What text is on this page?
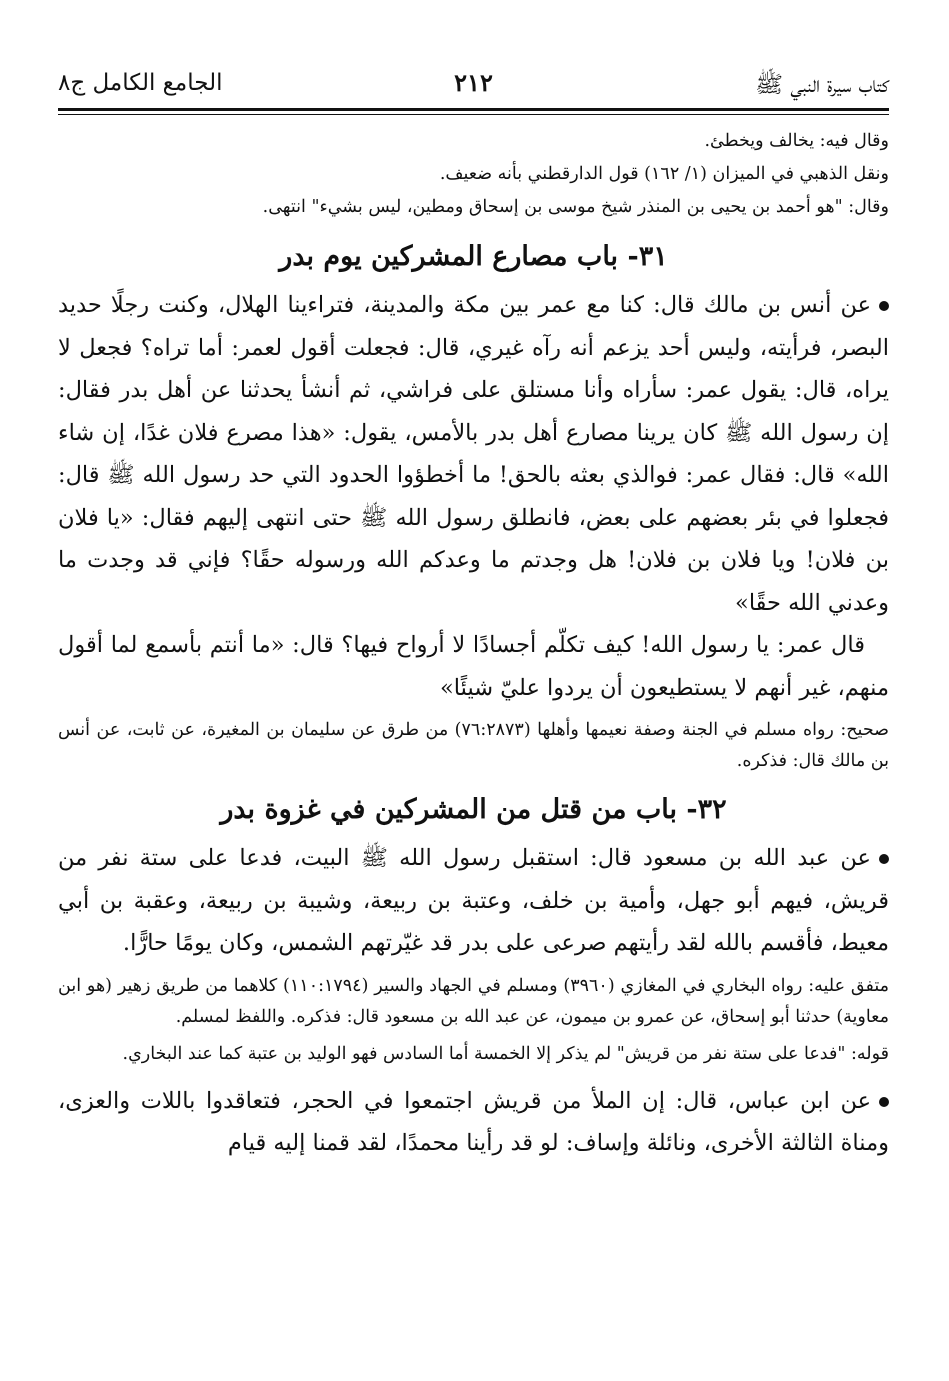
كتاب سيرة النبي ﷺ
٢١٢
الجامع الكامل ج٨

وقال فيه: يخالف ويخطئ.

ونقل الذهبي في الميزان (١/ ١٦٢) قول الدارقطني بأنه ضعيف.

وقال: "هو أحمد بن يحيى بن المنذر شيخ موسى بن إسحاق ومطين، ليس بشيء" انتهى.

٣١- باب مصارع المشركين يوم بدر

عن أنس بن مالك قال: كنا مع عمر بين مكة والمدينة، فتراءينا الهلال، وكنت رجلًا حديد البصر، فرأيته، وليس أحد يزعم أنه رآه غيري، قال: فجعلت أقول لعمر: أما تراه؟ فجعل لا يراه، قال: يقول عمر: سأراه وأنا مستلق على فراشي، ثم أنشأ يحدثنا عن أهل بدر فقال: إن رسول الله ﷺ كان يرينا مصارع أهل بدر بالأمس، يقول: «هذا مصرع فلان غدًا، إن شاء الله» قال: فقال عمر: فوالذي بعثه بالحق! ما أخطؤوا الحدود التي حد رسول الله ﷺ قال: فجعلوا في بئر بعضهم على بعض، فانطلق رسول الله ﷺ حتى انتهى إليهم فقال: «يا فلان بن فلان! ويا فلان بن فلان! هل وجدتم ما وعدكم الله ورسوله حقًا؟ فإني قد وجدت ما وعدني الله حقًا»

قال عمر: يا رسول الله! كيف تكلّم أجسادًا لا أرواح فيها؟ قال: «ما أنتم بأسمع لما أقول منهم، غير أنهم لا يستطيعون أن يردوا عليّ شيئًا»

صحيح: رواه مسلم في الجنة وصفة نعيمها وأهلها (٧٦:٢٨٧٣) من طرق عن سليمان بن المغيرة، عن ثابت، عن أنس بن مالك قال: فذكره.

٣٢- باب من قتل من المشركين في غزوة بدر

عن عبد الله بن مسعود قال: استقبل رسول الله ﷺ البيت، فدعا على ستة نفر من قريش، فيهم أبو جهل، وأمية بن خلف، وعتبة بن ربيعة، وشيبة بن ربيعة، وعقبة بن أبي معيط، فأقسم بالله لقد رأيتهم صرعى على بدر قد غيّرتهم الشمس، وكان يومًا حارًّا.

متفق عليه: رواه البخاري في المغازي (٣٩٦٠) ومسلم في الجهاد والسير (١١٠:١٧٩٤) كلاهما من طريق زهير (هو ابن معاوية) حدثنا أبو إسحاق، عن عمرو بن ميمون، عن عبد الله بن مسعود قال: فذكره. واللفظ لمسلم.

قوله: "فدعا على ستة نفر من قريش" لم يذكر إلا الخمسة أما السادس فهو الوليد بن عتبة كما عند البخاري.

عن ابن عباس، قال: إن الملأ من قريش اجتمعوا في الحجر، فتعاقدوا باللات والعزى، ومناة الثالثة الأخرى، ونائلة وإساف: لو قد رأينا محمدًا، لقد قمنا إليه قيام
